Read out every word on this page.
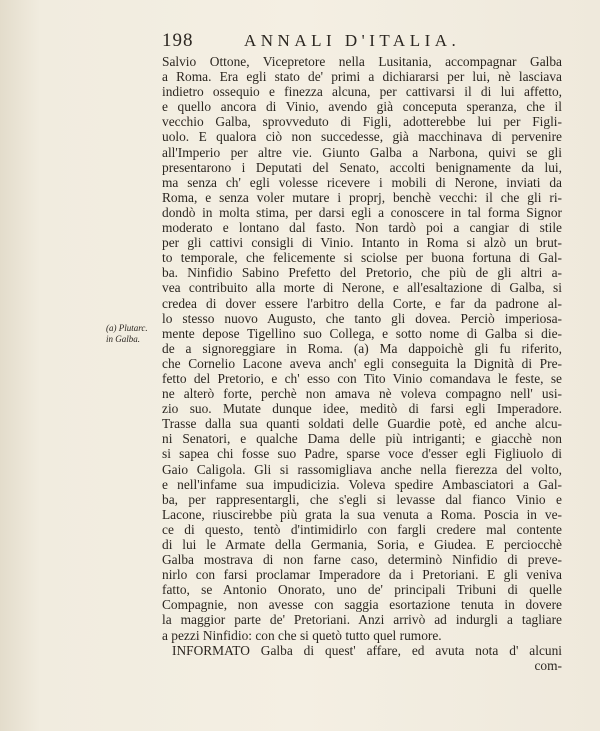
198	ANNALI D'ITALIA.
(a) Plutarc.
in Galba.
Salvio Ottone, Vicepretore nella Lusitania, accompagnar Galba
a Roma. Era egli stato de' primi a dichiararsi per lui, nè lasciava
indietro ossequio e finezza alcuna, per cattivarsi il di lui affetto,
e quello ancora di Vinio, avendo già conceputa speranza, che il
vecchio Galba, sprovveduto di Figli, adotterebbe lui per Figli-
uolo. E qualora ciò non succedesse, già macchinava di pervenire
all'Imperio per altre vie. Giunto Galba a Narbona, quivi se gli
presentarono i Deputati del Senato, accolti benignamente da lui,
ma senza ch' egli volesse ricevere i mobili di Nerone, inviati da
Roma, e senza voler mutare i proprj, benchè vecchi: il che gli ri-
dondò in molta stima, per darsi egli a conoscere in tal forma Signor
moderato e lontano dal fasto. Non tardò poi a cangiar di stile
per gli cattivi consigli di Vinio. Intanto in Roma si alzò un brut-
to temporale, che felicemente si sciolse per buona fortuna di Gal-
ba. Ninfidio Sabino Prefetto del Pretorio, che più de gli altri a-
vea contribuito alla morte di Nerone, e all'esaltazione di Galba, si
credea di dover essere l'arbitro della Corte, e far da padrone al-
lo stesso nuovo Augusto, che tanto gli dovea. Perciò imperiosa-
mente depose Tigellino suo Collega, e sotto nome di Galba si die-
de a signoreggiare in Roma. (a) Ma dappoichè gli fu riferito,
che Cornelio Lacone aveva anch' egli conseguita la Dignità di Pre-
fetto del Pretorio, e ch' esso con Tito Vinio comandava le feste, se
ne alterò forte, perchè non amava nè voleva compagno nell' usi-
zio suo. Mutate dunque idee, meditò di farsi egli Imperadore.
Trasse dalla sua quanti soldati delle Guardie potè, ed anche alcu-
ni Senatori, e qualche Dama delle più intriganti; e giacchè non
si sapea chi fosse suo Padre, sparse voce d'esser egli Figliuolo di
Gaio Caligola. Gli si rassomigliava anche nella fierezza del volto,
e nell'infame sua impudicizia. Voleva spedire Ambasciatori a Gal-
ba, per rappresentargli, che s'egli si levasse dal fianco Vinio e
Lacone, riuscirebbe più grata la sua venuta a Roma. Poscia in ve-
ce di questo, tentò d'intimidirlo con fargli credere mal contente
di lui le Armate della Germania, Soria, e Giudea. E perciocchè
Galba mostrava di non farne caso, determinò Ninfidio di preve-
nirlo con farsi proclamar Imperadore da i Pretoriani. E gli veniva
fatto, se Antonio Onorato, uno de' principali Tribuni di quelle
Compagnie, non avesse con saggia esortazione tenuta in dovere
la maggior parte de' Pretoriani. Anzi arrivò ad indurgli a tagliare
a pezzi Ninfidio: con che si quetò tutto quel rumore.
INFORMATO Galba di quest' affare, ed avuta nota d' alcuni
com-
